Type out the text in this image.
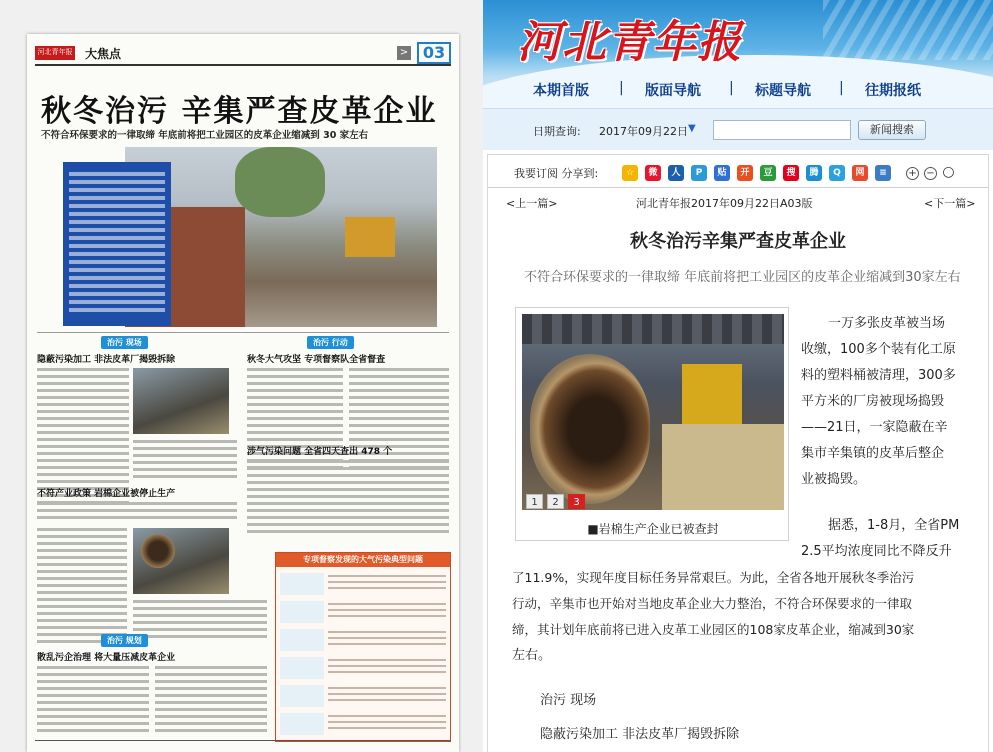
河北青年报 大焦点	> 03
秋冬治污 辛集严查皮革企业
不符合环保要求的一律取缔 年底前将把工业园区的皮革企业缩减到 30 家左右
治污 现场	治污 行动
隐蔽污染加工 非法皮革厂揭毁拆除	秋冬大气攻坚 专项督察队全省督查
涉气污染问题 全省四天查出 478 个
不符产业政策 岩棉企业被停止生产
治污 规划
散乱污企治理 将大量压减皮革企业
专项督察发现的大气污染典型问题
河北青年报
本期首版 | 版面导航 | 标题导航 | 往期报纸
日期查询: 2017年09月22日 ▼	新闻搜索
我要订阅 分享到:	☆	微	人	P	贴	开	豆	搜	腾	Q	网	≡	+ − ○
<上一篇>	河北青年报2017年09月22日A03版	<下一篇>
秋冬治污辛集严查皮革企业
不符合环保要求的一律取缔 年底前将把工业园区的皮革企业缩减到30家左右
1	2	3
■岩棉生产企业已被查封
一万多张皮革被当场
收缴，100多个装有化工原
料的塑料桶被清理，300多
平方米的厂房被现场捣毁
——21日，一家隐蔽在辛
集市辛集镇的皮革后整企
业被捣毁。
据悉，1-8月，全省PM
2.5平均浓度同比不降反升
了11.9%，实现年度目标任务异常艰巨。为此，全省各地开展秋冬季治污
行动，辛集市也开始对当地皮革企业大力整治，不符合环保要求的一律取
缔，其计划年底前将已进入皮革工业园区的108家皮革企业，缩减到30家
左右。
治污 现场
隐蔽污染加工 非法皮革厂揭毁拆除
